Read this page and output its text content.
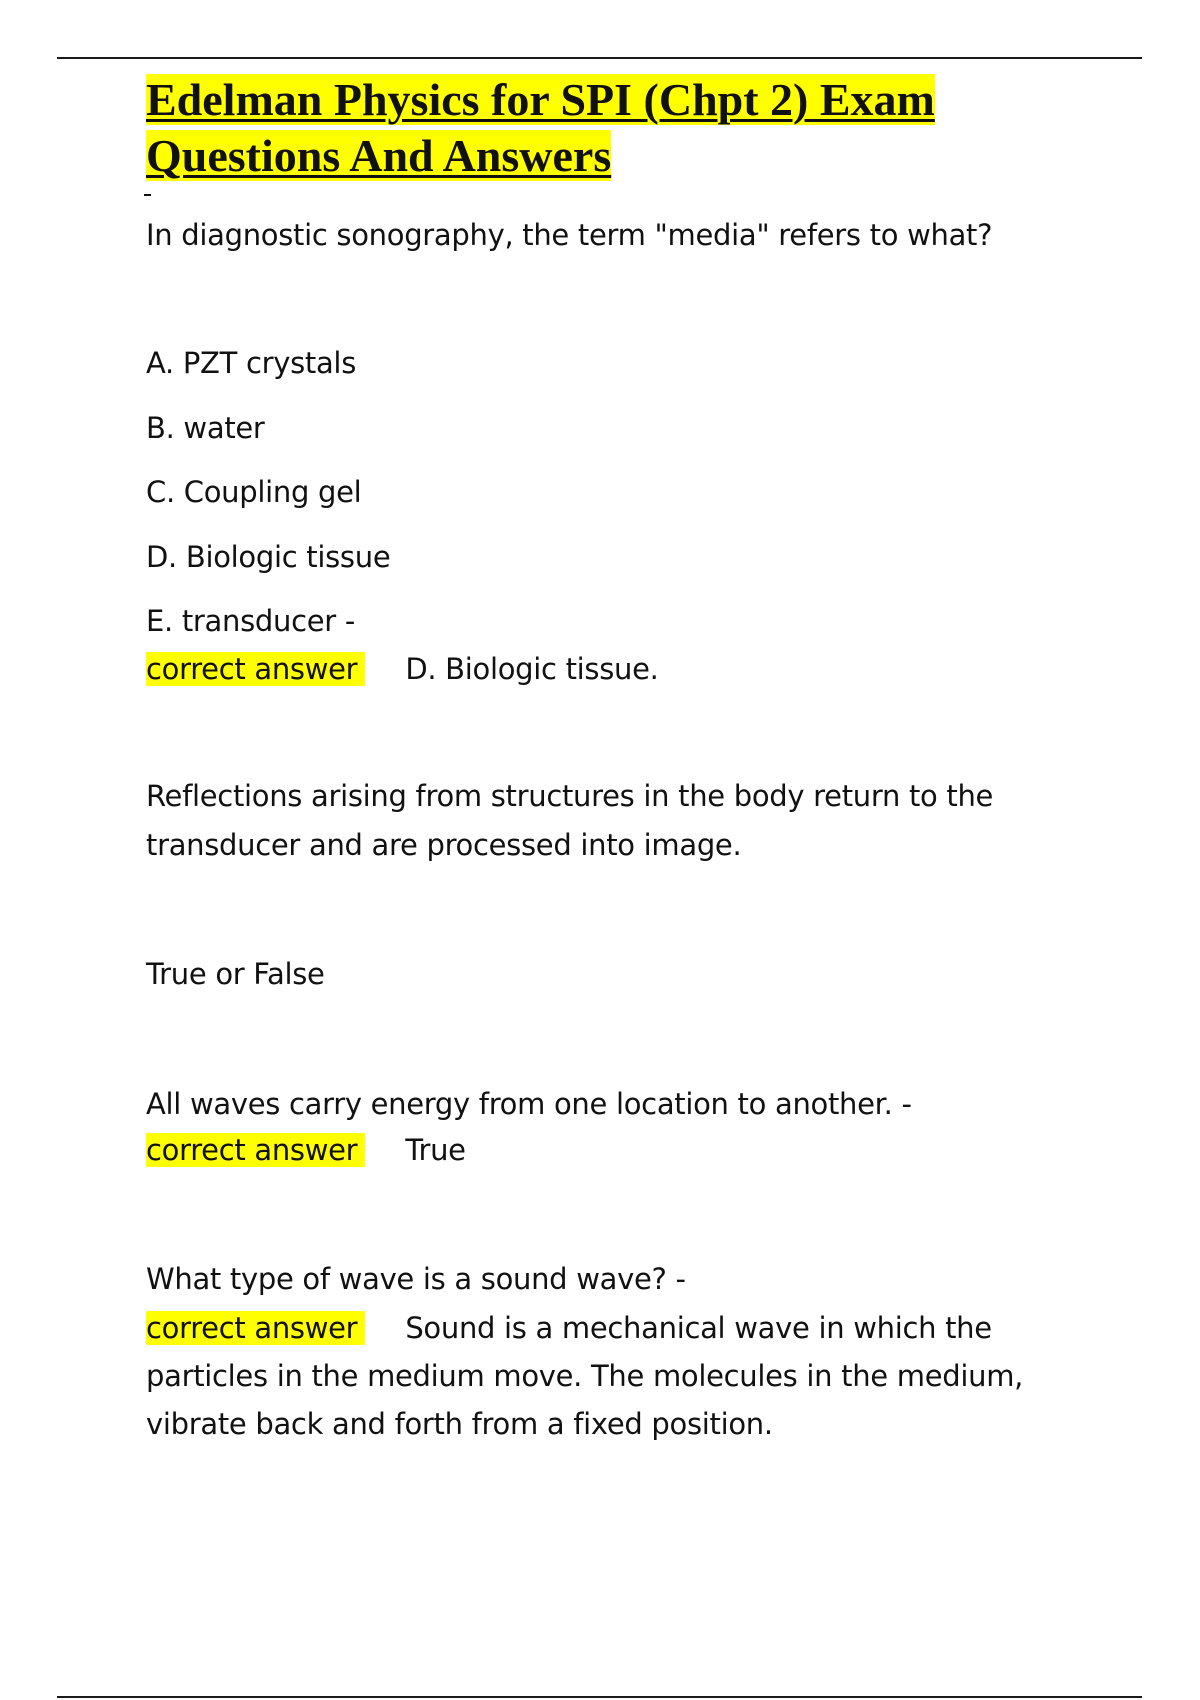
Edelman Physics for SPI (Chpt 2) Exam Questions And Answers

In diagnostic sonography, the term "media" refers to what?

A. PZT crystals

B. water

C. Coupling gel

D. Biologic tissue

E. transducer -

correct answer D. Biologic tissue.

Reflections arising from structures in the body return to the

transducer and are processed into image.

True or False

All waves carry energy from one location to another. -

correct answer True

What type of wave is a sound wave? -

correct answer Sound is a mechanical wave in which the

particles in the medium move. The molecules in the medium,

vibrate back and forth from a fixed position.
